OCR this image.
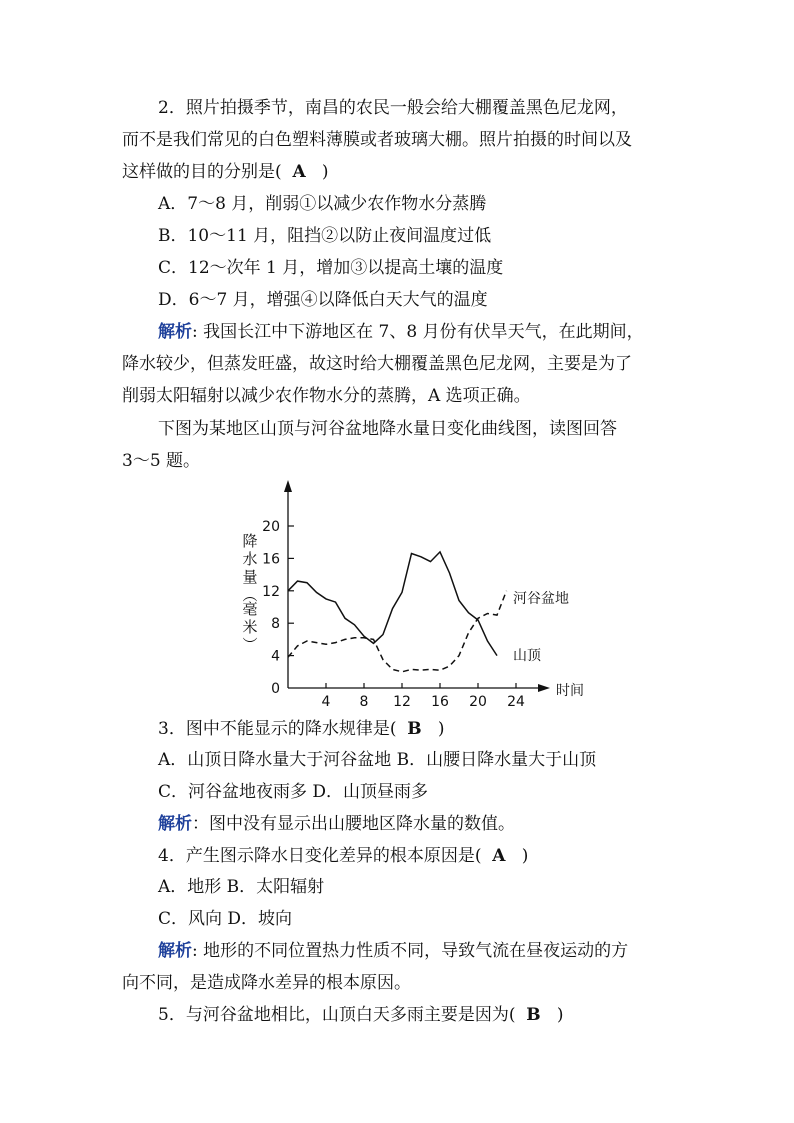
2．照片拍摄季节，南昌的农民一般会给大棚覆盖黑色尼龙网，
而不是我们常见的白色塑料薄膜或者玻璃大棚。照片拍摄的时间以及
这样做的目的分别是( A )
A．7～8 月，削弱①以减少农作物水分蒸腾
B．10～11 月，阻挡②以防止夜间温度过低
C．12～次年 1 月，增加③以提高土壤的温度
D．6～7 月，增强④以降低白天大气的温度
解析: 我国长江中下游地区在 7、8 月份有伏旱天气，在此期间，
降水较少，但蒸发旺盛，故这时给大棚覆盖黑色尼龙网，主要是为了
削弱太阳辐射以减少农作物水分的蒸腾，A 选项正确。
下图为某地区山顶与河谷盆地降水量日变化曲线图，读图回答
3～5 题。
0
4
8
12
16
20
4 8 12 16 20 24
降水量︵毫米︶
时间
河谷盆地
山顶
3．图中不能显示的降水规律是( B )
A．山顶日降水量大于河谷盆地 B．山腰日降水量大于山顶
C．河谷盆地夜雨多 D．山顶昼雨多
解析：图中没有显示出山腰地区降水量的数值。
4．产生图示降水日变化差异的根本原因是( A )
A．地形 B．太阳辐射
C．风向 D．坡向
解析: 地形的不同位置热力性质不同，导致气流在昼夜运动的方
向不同，是造成降水差异的根本原因。
5．与河谷盆地相比，山顶白天多雨主要是因为( B )
